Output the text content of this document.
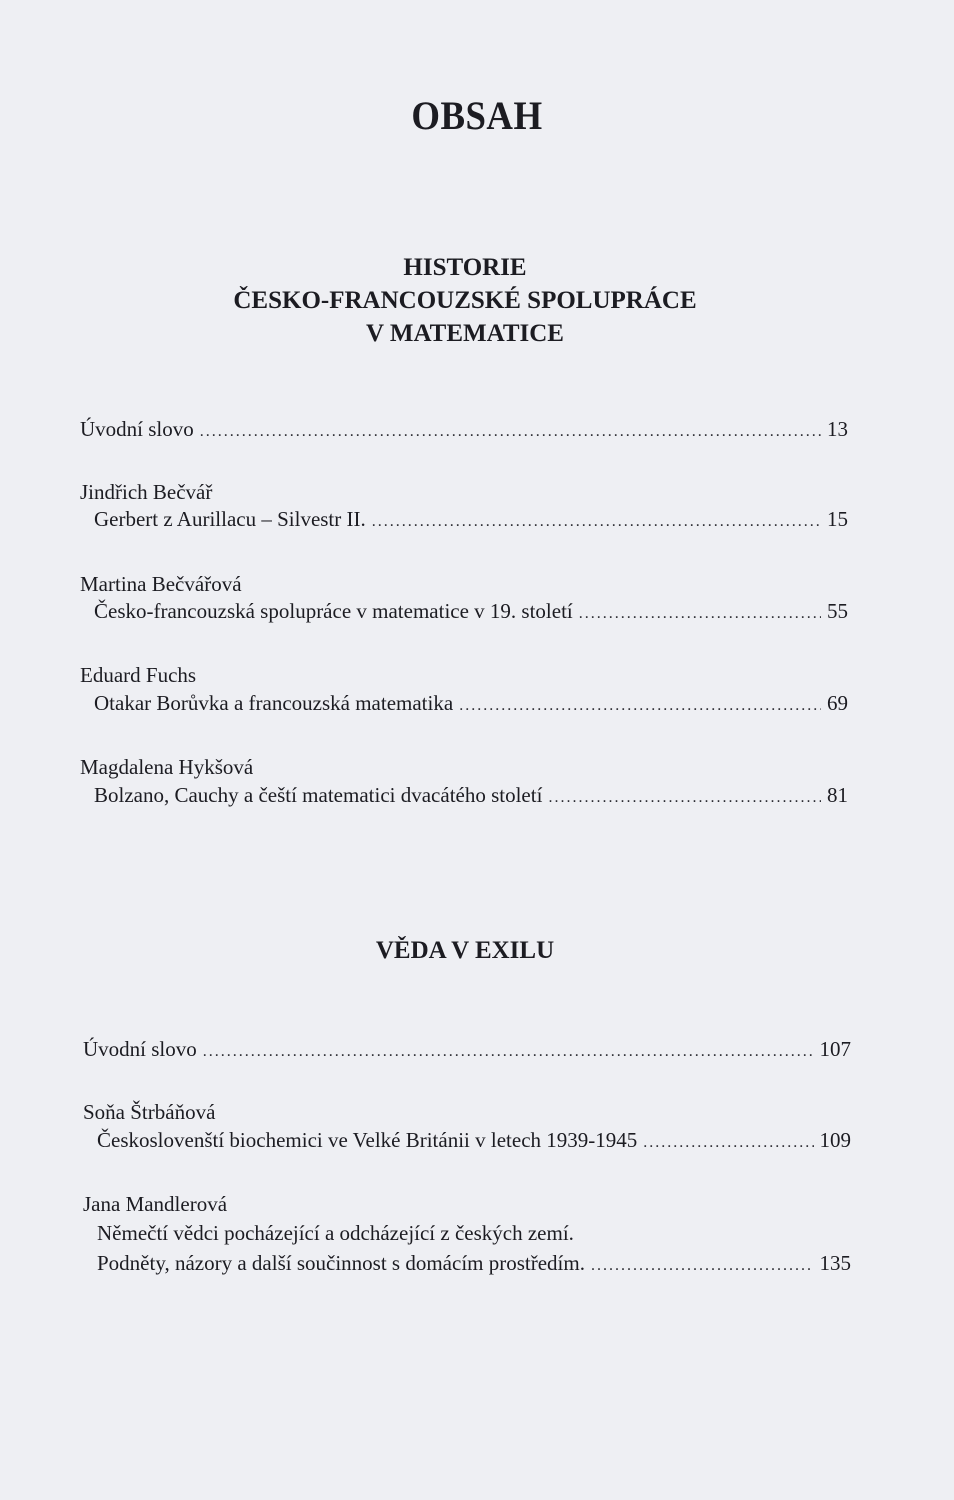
OBSAH
HISTORIE
ČESKO-FRANCOUZSKÉ SPOLUPRÁCE
V MATEMATICE
Úvodní slovo .....	13
Jindřich Bečvář
Gerbert z Aurillacu – Silvestr II. .....	15
Martina Bečvářová
Česko-francouzská spolupráce v matematice v 19. století .....	55
Eduard Fuchs
Otakar Borůvka a francouzská matematika .....	69
Magdalena Hykšová
Bolzano, Cauchy a čeští matematici dvacátého století .....	81
VĚDA V EXILU
Úvodní slovo .....	107
Soňa Štrbáňová
Českoslovenští biochemici ve Velké Británii v letech 1939-1945 .....	109
Jana Mandlerová
Němečtí vědci pocházející a odcházející z českých zemí.
Podněty, názory a další součinnost s domácím prostředím. .....	135
